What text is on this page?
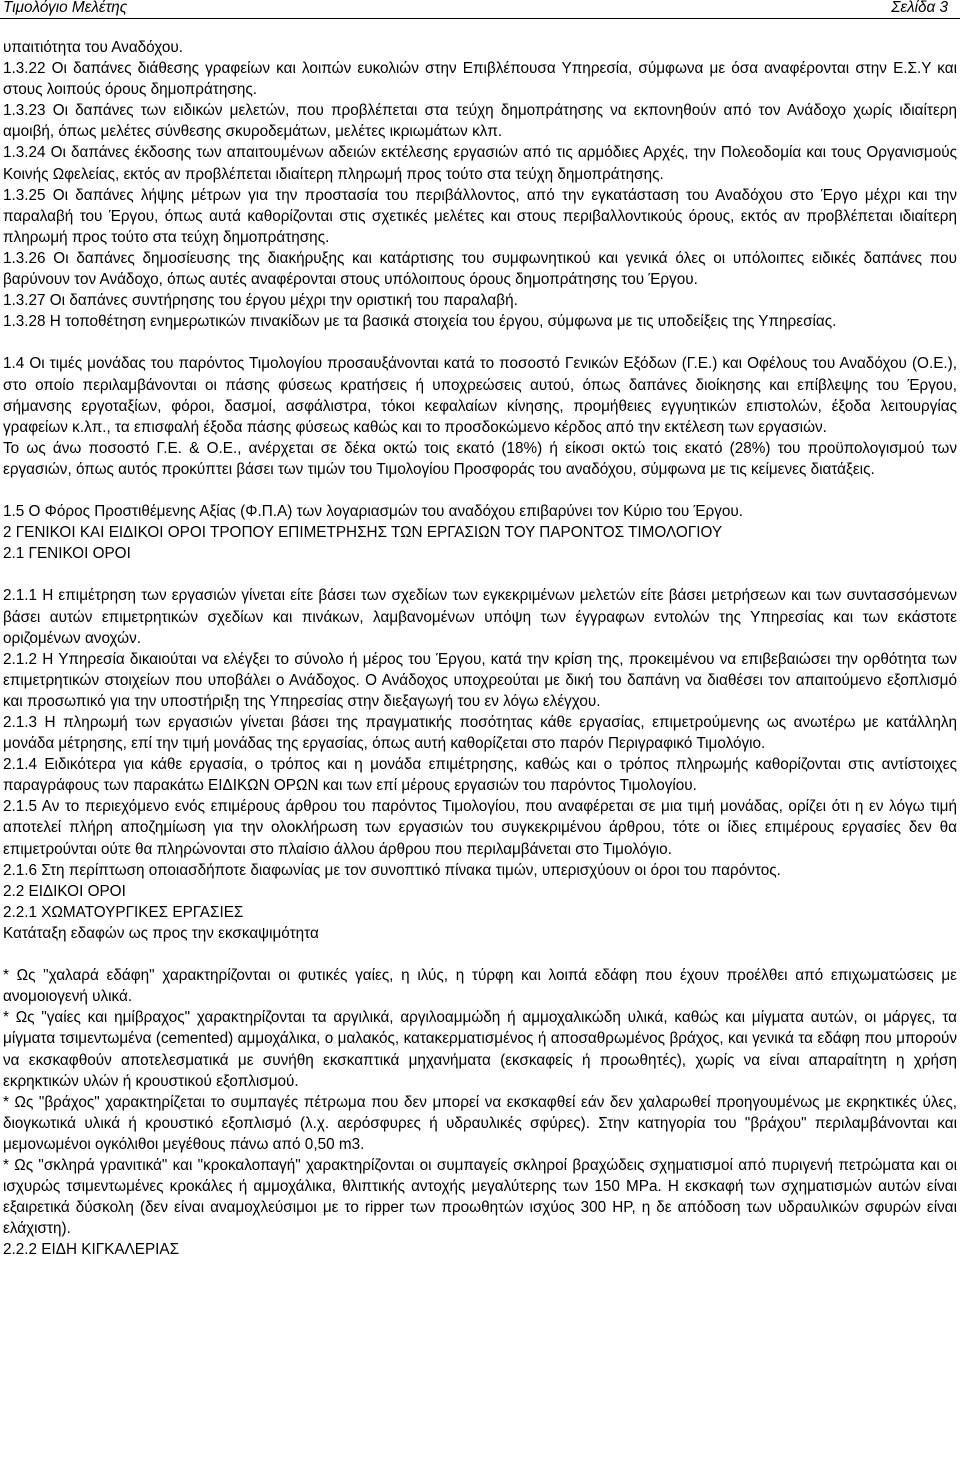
Τιμολόγιο Μελέτης	Σελίδα 3

υπαιτιότητα του Αναδόχου.

1.3.22 Οι δαπάνες διάθεσης γραφείων και λοιπών ευκολιών στην Επιβλέπουσα Υπηρεσία, σύμφωνα με όσα αναφέρονται στην Ε.Σ.Υ και στους λοιπούς όρους δημοπράτησης.

1.3.23 Οι δαπάνες των ειδικών μελετών, που προβλέπεται στα τεύχη δημοπράτησης να εκπονηθούν από τον Ανάδοχο χωρίς ιδιαίτερη αμοιβή, όπως μελέτες σύνθεσης σκυροδεμάτων, μελέτες ικριωμάτων κλπ.

1.3.24 Οι δαπάνες έκδοσης των απαιτουμένων αδειών εκτέλεσης εργασιών από τις αρμόδιες Αρχές, την Πολεοδομία και τους Οργανισμούς Κοινής Ωφελείας, εκτός αν προβλέπεται ιδιαίτερη πληρωμή προς τούτο στα τεύχη δημοπράτησης.

1.3.25 Οι δαπάνες λήψης μέτρων για την προστασία του περιβάλλοντος, από την εγκατάσταση του Αναδόχου στο Έργο μέχρι και την παραλαβή του Έργου, όπως αυτά καθορίζονται στις σχετικές μελέτες και στους περιβαλλοντικούς όρους, εκτός αν προβλέπεται ιδιαίτερη πληρωμή προς τούτο στα τεύχη δημοπράτησης.

1.3.26 Οι δαπάνες δημοσίευσης της διακήρυξης και κατάρτισης του συμφωνητικού και γενικά όλες οι υπόλοιπες ειδικές δαπάνες που βαρύνουν τον Ανάδοχο, όπως αυτές αναφέρονται στους υπόλοιπους όρους δημοπράτησης του Έργου.

1.3.27 Οι δαπάνες συντήρησης του έργου μέχρι την οριστική του παραλαβή.

1.3.28 Η τοποθέτηση ενημερωτικών πινακίδων με τα βασικά στοιχεία του έργου, σύμφωνα με τις υποδείξεις της Υπηρεσίας.

1.4 Οι τιμές μονάδας του παρόντος Τιμολογίου προσαυξάνονται κατά το ποσοστό Γενικών Εξόδων (Γ.Ε.) και Οφέλους του Αναδόχου (Ο.Ε.), στο οποίο περιλαμβάνονται οι πάσης φύσεως κρατήσεις ή υποχρεώσεις αυτού, όπως δαπάνες διοίκησης και επίβλεψης του Έργου, σήμανσης εργοταξίων, φόροι, δασμοί, ασφάλιστρα, τόκοι κεφαλαίων κίνησης, προμήθειες εγγυητικών επιστολών, έξοδα λειτουργίας γραφείων κ.λπ., τα επισφαλή έξοδα πάσης φύσεως καθώς και το προσδοκώμενο κέρδος από την εκτέλεση των εργασιών.

Το ως άνω ποσοστό Γ.Ε. & Ο.Ε., ανέρχεται σε δέκα οκτώ τοις εκατό (18%) ή είκοσι οκτώ τοις εκατό (28%) του προϋπολογισμού των εργασιών, όπως αυτός προκύπτει βάσει των τιμών του Τιμολογίου Προσφοράς του αναδόχου, σύμφωνα με τις κείμενες διατάξεις.

1.5 Ο Φόρος Προστιθέμενης Αξίας (Φ.Π.Α) των λογαριασμών του αναδόχου επιβαρύνει τον Κύριο του Έργου.

2 ΓΕΝΙΚΟΙ ΚΑΙ ΕΙΔΙΚΟΙ ΟΡΟΙ ΤΡΟΠΟΥ ΕΠΙΜΕΤΡΗΣΗΣ ΤΩΝ ΕΡΓΑΣΙΩΝ ΤΟΥ ΠΑΡΟΝΤΟΣ ΤΙΜΟΛΟΓΙΟΥ

2.1 ΓΕΝΙΚΟΙ ΟΡΟΙ

2.1.1 Η επιμέτρηση των εργασιών γίνεται είτε βάσει των σχεδίων των εγκεκριμένων μελετών είτε βάσει μετρήσεων και των συντασσόμενων βάσει αυτών επιμετρητικών σχεδίων και πινάκων, λαμβανομένων υπόψη των έγγραφων εντολών της Υπηρεσίας και των εκάστοτε οριζομένων ανοχών.

2.1.2 Η Υπηρεσία δικαιούται να ελέγξει το σύνολο ή μέρος του Έργου, κατά την κρίση της, προκειμένου να επιβεβαιώσει την ορθότητα των επιμετρητικών στοιχείων που υποβάλει ο Ανάδοχος. Ο Ανάδοχος υποχρεούται με δική του δαπάνη να διαθέσει τον απαιτούμενο εξοπλισμό και προσωπικό για την υποστήριξη της Υπηρεσίας στην διεξαγωγή του εν λόγω ελέγχου.

2.1.3 Η πληρωμή των εργασιών γίνεται βάσει της πραγματικής ποσότητας κάθε εργασίας, επιμετρούμενης ως ανωτέρω με κατάλληλη μονάδα μέτρησης, επί την τιμή μονάδας της εργασίας, όπως αυτή καθορίζεται στο παρόν Περιγραφικό Τιμολόγιο.

2.1.4 Ειδικότερα για κάθε εργασία, ο τρόπος και η μονάδα επιμέτρησης, καθώς και ο τρόπος πληρωμής καθορίζονται στις αντίστοιχες παραγράφους των παρακάτω ΕΙΔΙΚΩΝ ΟΡΩΝ και των επί μέρους εργασιών του παρόντος Τιμολογίου.

2.1.5 Αν το περιεχόμενο ενός επιμέρους άρθρου του παρόντος Τιμολογίου, που αναφέρεται σε μια τιμή μονάδας, ορίζει ότι η εν λόγω τιμή αποτελεί πλήρη αποζημίωση για την ολοκλήρωση των εργασιών του συγκεκριμένου άρθρου, τότε οι ίδιες επιμέρους εργασίες δεν θα επιμετρούνται ούτε θα πληρώνονται στο πλαίσιο άλλου άρθρου που περιλαμβάνεται στο Τιμολόγιο.

2.1.6 Στη περίπτωση οποιασδήποτε διαφωνίας με τον συνοπτικό πίνακα τιμών, υπερισχύουν οι όροι του παρόντος.

2.2 ΕΙΔΙΚΟΙ ΟΡΟΙ

2.2.1 ΧΩΜΑΤΟΥΡΓΙΚΕΣ ΕΡΓΑΣΙΕΣ

Κατάταξη εδαφών ως προς την εκσκαψιμότητα

* Ως "χαλαρά εδάφη" χαρακτηρίζονται οι φυτικές γαίες, η ιλύς, η τύρφη και λοιπά εδάφη που έχουν προέλθει από επιχωματώσεις με ανομοιογενή υλικά.

* Ως "γαίες και ημίβραχος" χαρακτηρίζονται τα αργιλικά, αργιλοαμμώδη ή αμμοχαλικώδη υλικά, καθώς και μίγματα αυτών, οι μάργες, τα μίγματα τσιμεντωμένα (cemented) αμμοχάλικα, ο μαλακός, κατακερματισμένος ή αποσαθρωμένος βράχος, και γενικά τα εδάφη που μπορούν να εκσκαφθούν αποτελεσματικά με συνήθη εκσκαπτικά μηχανήματα (εκσκαφείς ή προωθητές), χωρίς να είναι απαραίτητη η χρήση εκρηκτικών υλών ή κρουστικού εξοπλισμού.

* Ως "βράχος" χαρακτηρίζεται το συμπαγές πέτρωμα που δεν μπορεί να εκσκαφθεί εάν δεν χαλαρωθεί προηγουμένως με εκρηκτικές ύλες, διογκωτικά υλικά ή κρουστικό εξοπλισμό (λ.χ. αερόσφυρες ή υδραυλικές σφύρες). Στην κατηγορία του "βράχου" περιλαμβάνονται και μεμονωμένοι ογκόλιθοι μεγέθους πάνω από 0,50 m3.

* Ως "σκληρά γρανιτικά" και "κροκαλοπαγή" χαρακτηρίζονται οι συμπαγείς σκληροί βραχώδεις σχηματισμοί από πυριγενή πετρώματα και οι ισχυρώς τσιμεντωμένες κροκάλες ή αμμοχάλικα, θλιπτικής αντοχής μεγαλύτερης των 150 MPa. Η εκσκαφή των σχηματισμών αυτών είναι εξαιρετικά δύσκολη (δεν είναι αναμοχλεύσιμοι με το ripper των προωθητών ισχύος 300 HP, η δε απόδοση των υδραυλικών σφυρών είναι ελάχιστη).

2.2.2 ΕΙΔΗ ΚΙΓΚΑΛΕΡΙΑΣ
